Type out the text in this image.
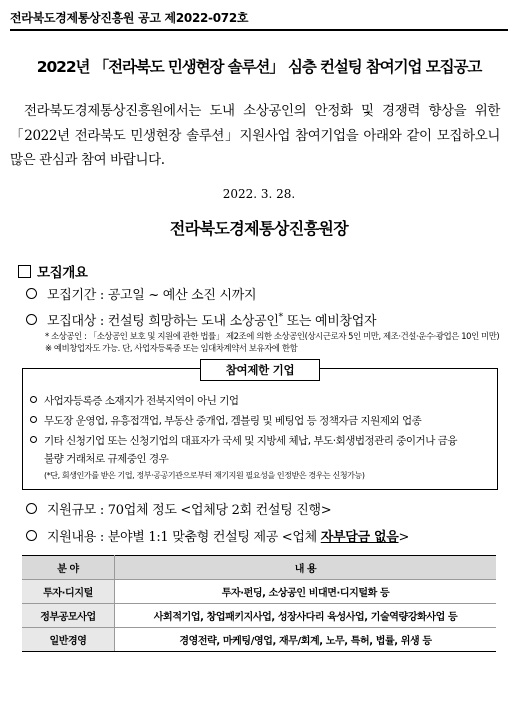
전라북도경제통상진흥원 공고 제2022-072호
2022년 「전라북도 민생현장 솔루션」 심층 컨설팅 참여기업 모집공고
전라북도경제통상진흥원에서는 도내 소상공인의 안정화 및 경쟁력 향상을 위한「2022년 전라북도 민생현장 솔루션」지원사업 참여기업을 아래와 같이 모집하오니 많은 관심과 참여 바랍니다.
2022. 3. 28.
전라북도경제통상진흥원장
모집개요
모집기간 : 공고일 ~ 예산 소진 시까지
모집대상 : 컨설팅 희망하는 도내 소상공인* 또는 예비창업자
* 소상공인 : 「소상공인 보호 및 지원에 관한 법률」 제2조에 의한 소상공인(상시근로자 5인 미만, 제조·건설·운수·광업은 10인 미만)
※ 예비창업자도 가능. 단, 사업자등록증 또는 임대차계약서 보유자에 한함
참여제한 기업
사업자등록증 소재지가 전북지역이 아닌 기업
무도장 운영업, 유흥접객업, 부동산 중개업, 겜블링 및 베팅업 등 정책자금 지원제외 업종
기타 신청기업 또는 신청기업의 대표자가 국세 및 지방세 체납, 부도·회생법정관리 중이거나 금융
불량 거래처로 규제중인 경우
(*단, 회생인가를 받은 기업, 정부·공공기관으로부터 재기지원 필요성을 인정받은 경우는 신청가능)
지원규모 : 70업체 정도 <업체당 2회 컨설팅 진행>
지원내용 : 분야별 1:1 맞춤형 컨설팅 제공 <업체 자부담금 없음>
분 야	내 용
투자·디지털	투자·펀딩, 소상공인 비대면·디지털화 등
정부공모사업	사회적기업, 창업패키지사업, 성장사다리 육성사업, 기술역량강화사업 등
일반경영	경영전략, 마케팅/영업, 재무/회계, 노무, 특허, 법률, 위생 등
